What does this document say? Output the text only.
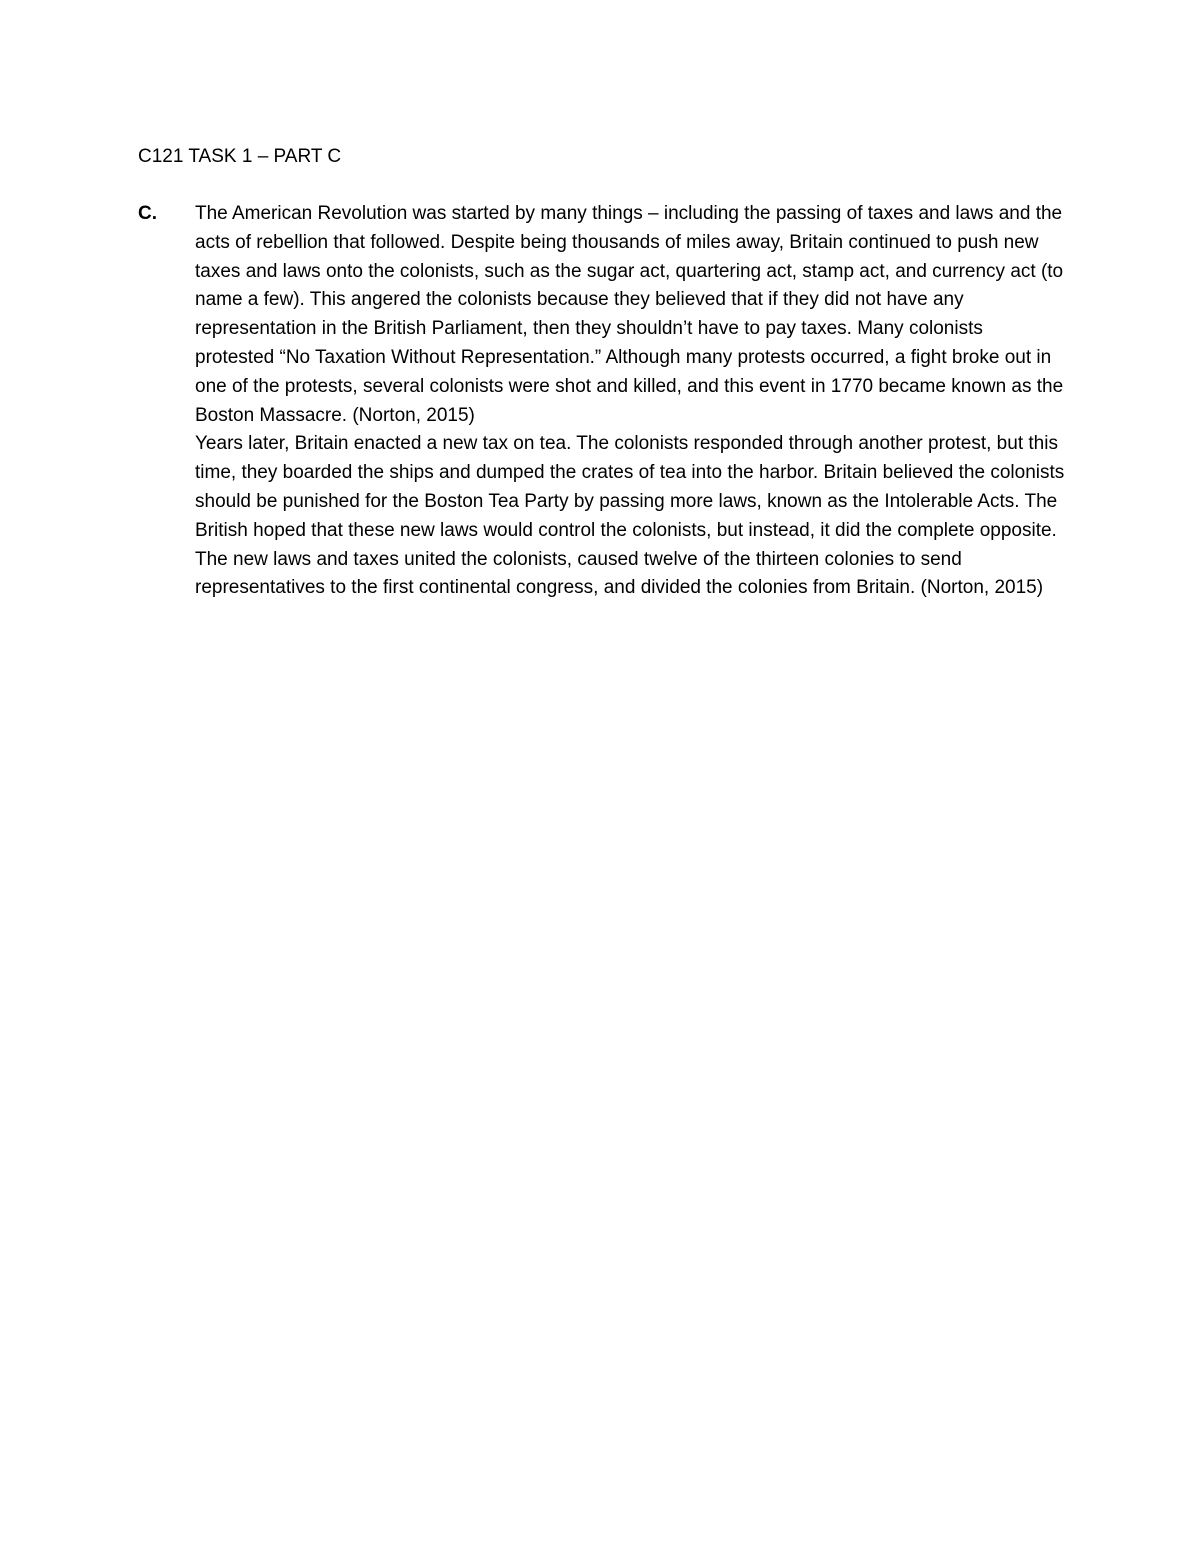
C121 TASK 1 – PART C
C. The American Revolution was started by many things – including the passing of taxes and laws and the acts of rebellion that followed. Despite being thousands of miles away, Britain continued to push new taxes and laws onto the colonists, such as the sugar act, quartering act, stamp act, and currency act (to name a few). This angered the colonists because they believed that if they did not have any representation in the British Parliament, then they shouldn’t have to pay taxes. Many colonists protested “No Taxation Without Representation.” Although many protests occurred, a fight broke out in one of the protests, several colonists were shot and killed, and this event in 1770 became known as the Boston Massacre. (Norton, 2015)

Years later, Britain enacted a new tax on tea. The colonists responded through another protest, but this time, they boarded the ships and dumped the crates of tea into the harbor. Britain believed the colonists should be punished for the Boston Tea Party by passing more laws, known as the Intolerable Acts. The British hoped that these new laws would control the colonists, but instead, it did the complete opposite. The new laws and taxes united the colonists, caused twelve of the thirteen colonies to send representatives to the first continental congress, and divided the colonies from Britain. (Norton, 2015)
